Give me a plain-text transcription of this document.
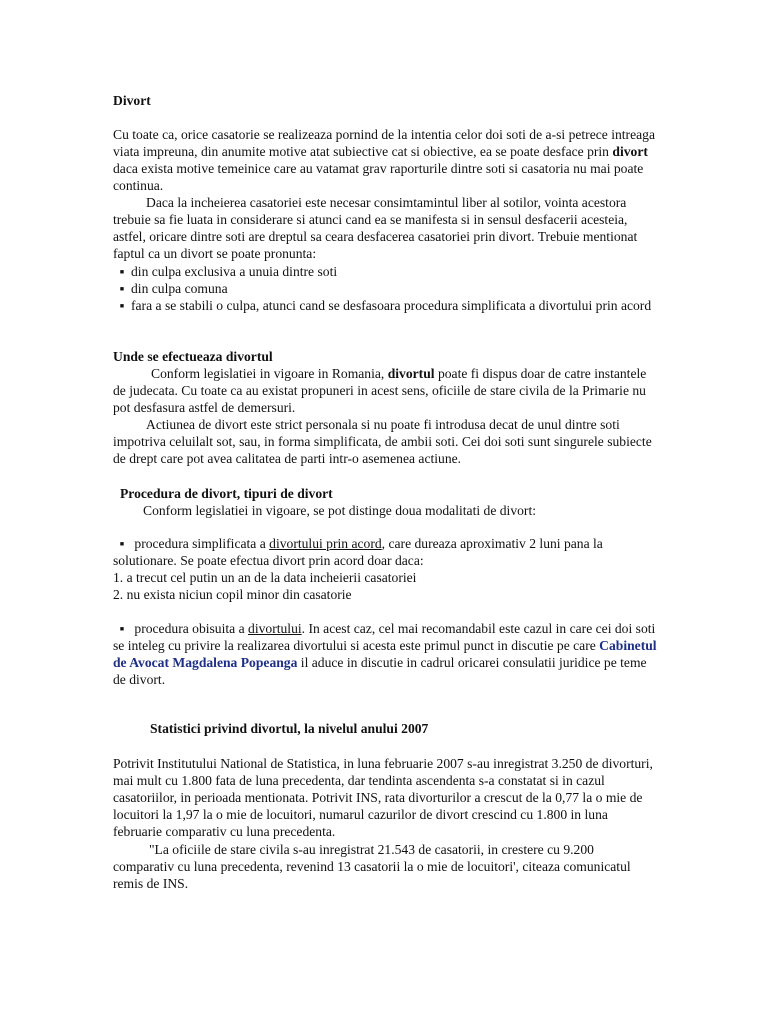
Divort

Cu toate ca, orice casatorie se realizeaza pornind de la intentia celor doi soti de a-si petrece intreaga viata impreuna, din anumite motive atat subiective cat si obiective, ea se poate desface prin divort daca exista motive temeinice care au vatamat grav raporturile dintre soti si casatoria nu mai poate continua.

Daca la incheierea casatoriei este necesar consimtamintul liber al sotilor, vointa acestora trebuie sa fie luata in considerare si atunci cand ea se manifesta si in sensul desfacerii acesteia, astfel, oricare dintre soti are dreptul sa ceara desfacerea casatoriei prin divort. Trebuie mentionat faptul ca un divort se poate pronunta:

▪ din culpa exclusiva a unuia dintre soti

▪ din culpa comuna

▪ fara a se stabili o culpa, atunci cand se desfasoara procedura simplificata a divortului prin acord

Unde se efectueaza divortul

Conform legislatiei in vigoare in Romania, divortul poate fi dispus doar de catre instantele de judecata. Cu toate ca au existat propuneri in acest sens, oficiile de stare civila de la Primarie nu pot desfasura astfel de demersuri.

Actiunea de divort este strict personala si nu poate fi introdusa decat de unul dintre soti impotriva celuilalt sot, sau, in forma simplificata, de ambii soti. Cei doi soti sunt singurele subiecte de drept care pot avea calitatea de parti intr-o asemenea actiune.

Procedura de divort, tipuri de divort

Conform legislatiei in vigoare, se pot distinge doua modalitati de divort:

▪ procedura simplificata a divortului prin acord, care dureaza aproximativ 2 luni pana la solutionare. Se poate efectua divort prin acord doar daca:

1. a trecut cel putin un an de la data incheierii casatoriei

2. nu exista niciun copil minor din casatorie

▪ procedura obisuita a divortului. In acest caz, cel mai recomandabil este cazul in care cei doi soti se inteleg cu privire la realizarea divortului si acesta este primul punct in discutie pe care Cabinetul de Avocat Magdalena Popeanga il aduce in discutie in cadrul oricarei consulatii juridice pe teme de divort.

Statistici privind divortul, la nivelul anului 2007

Potrivit Institutului National de Statistica, in luna februarie 2007 s-au inregistrat 3.250 de divorturi, mai mult cu 1.800 fata de luna precedenta, dar tendinta ascendenta s-a constatat si in cazul casatoriilor, in perioada mentionata. Potrivit INS, rata divorturilor a crescut de la 0,77 la o mie de locuitori la 1,97 la o mie de locuitori, numarul cazurilor de divort crescind cu 1.800 in luna februarie comparativ cu luna precedenta.

"La oficiile de stare civila s-au inregistrat 21.543 de casatorii, in crestere cu 9.200 comparativ cu luna precedenta, revenind 13 casatorii la o mie de locuitori', citeaza comunicatul remis de INS.
